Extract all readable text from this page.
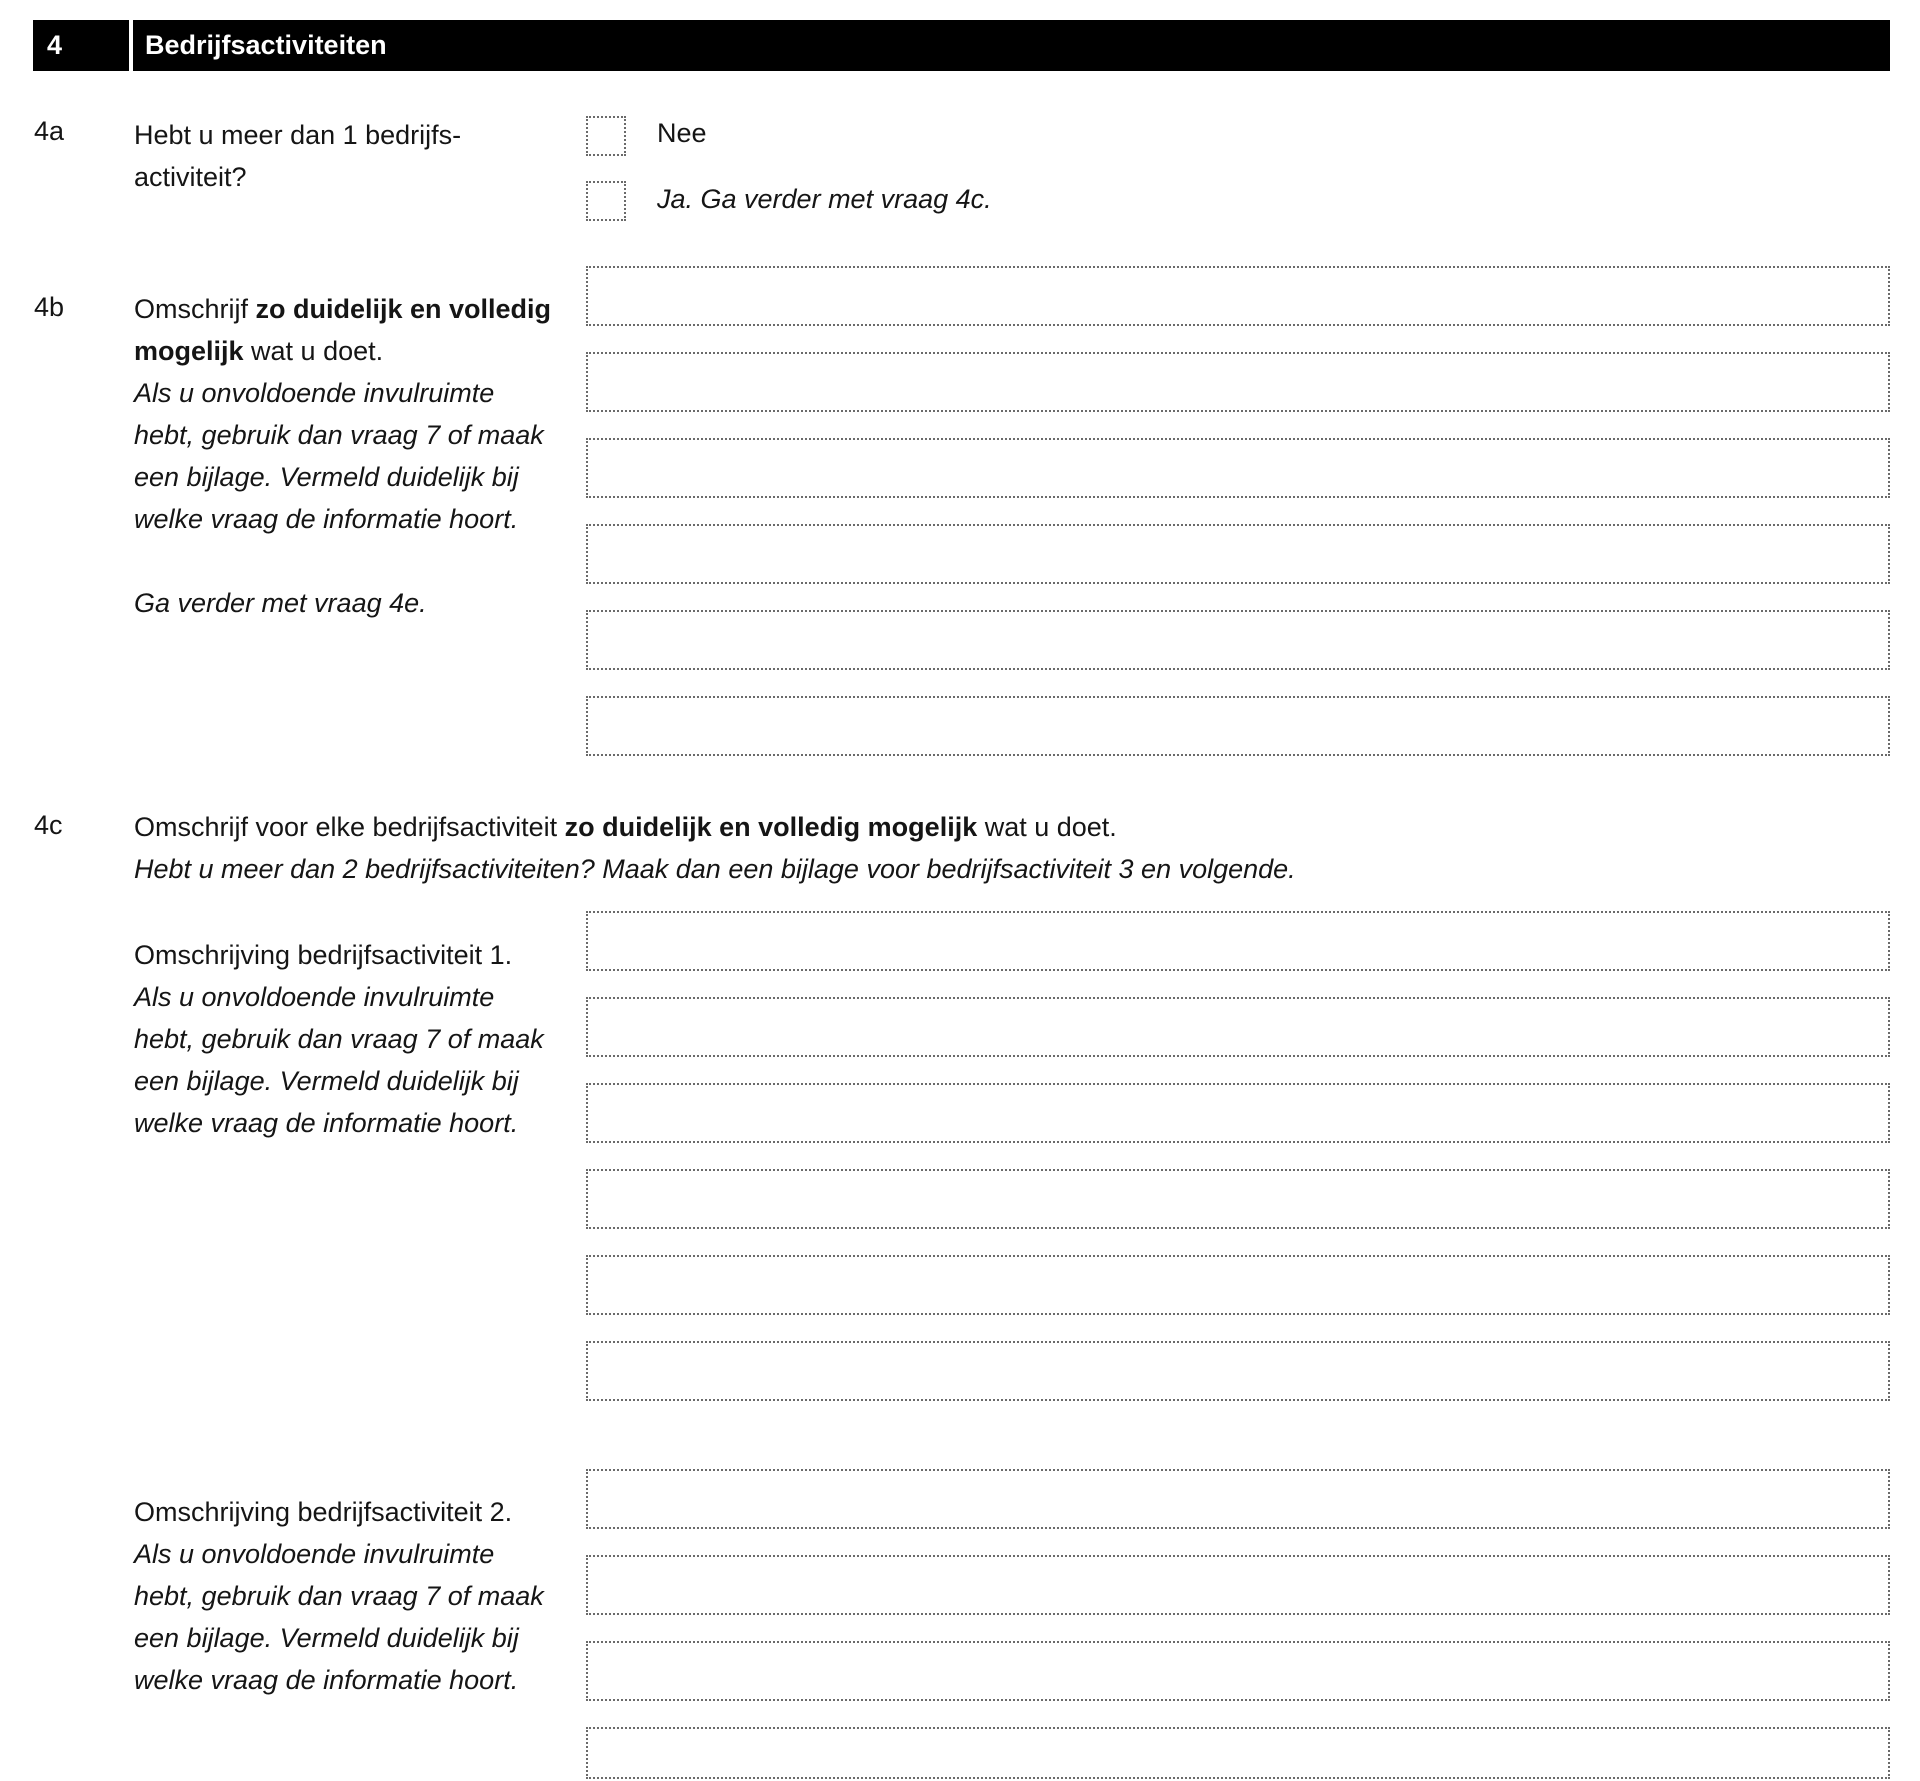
4	Bedrijfsactiviteiten
4a	Hebt u meer dan 1 bedrijfs-
activiteit?
Nee
Ja. Ga verder met vraag 4c.
4b	Omschrijf zo duidelijk en volledig mogelijk wat u doet.
Als u onvoldoende invulruimte hebt, gebruik dan vraag 7 of maak een bijlage. Vermeld duidelijk bij welke vraag de informatie hoort.
Ga verder met vraag 4e.
4c	Omschrijf voor elke bedrijfsactiviteit zo duidelijk en volledig mogelijk wat u doet.
Hebt u meer dan 2 bedrijfsactiviteiten? Maak dan een bijlage voor bedrijfsactiviteit 3 en volgende.
Omschrijving bedrijfsactiviteit 1.
Als u onvoldoende invulruimte hebt, gebruik dan vraag 7 of maak een bijlage. Vermeld duidelijk bij welke vraag de informatie hoort.
Omschrijving bedrijfsactiviteit 2.
Als u onvoldoende invulruimte hebt, gebruik dan vraag 7 of maak een bijlage. Vermeld duidelijk bij welke vraag de informatie hoort.
